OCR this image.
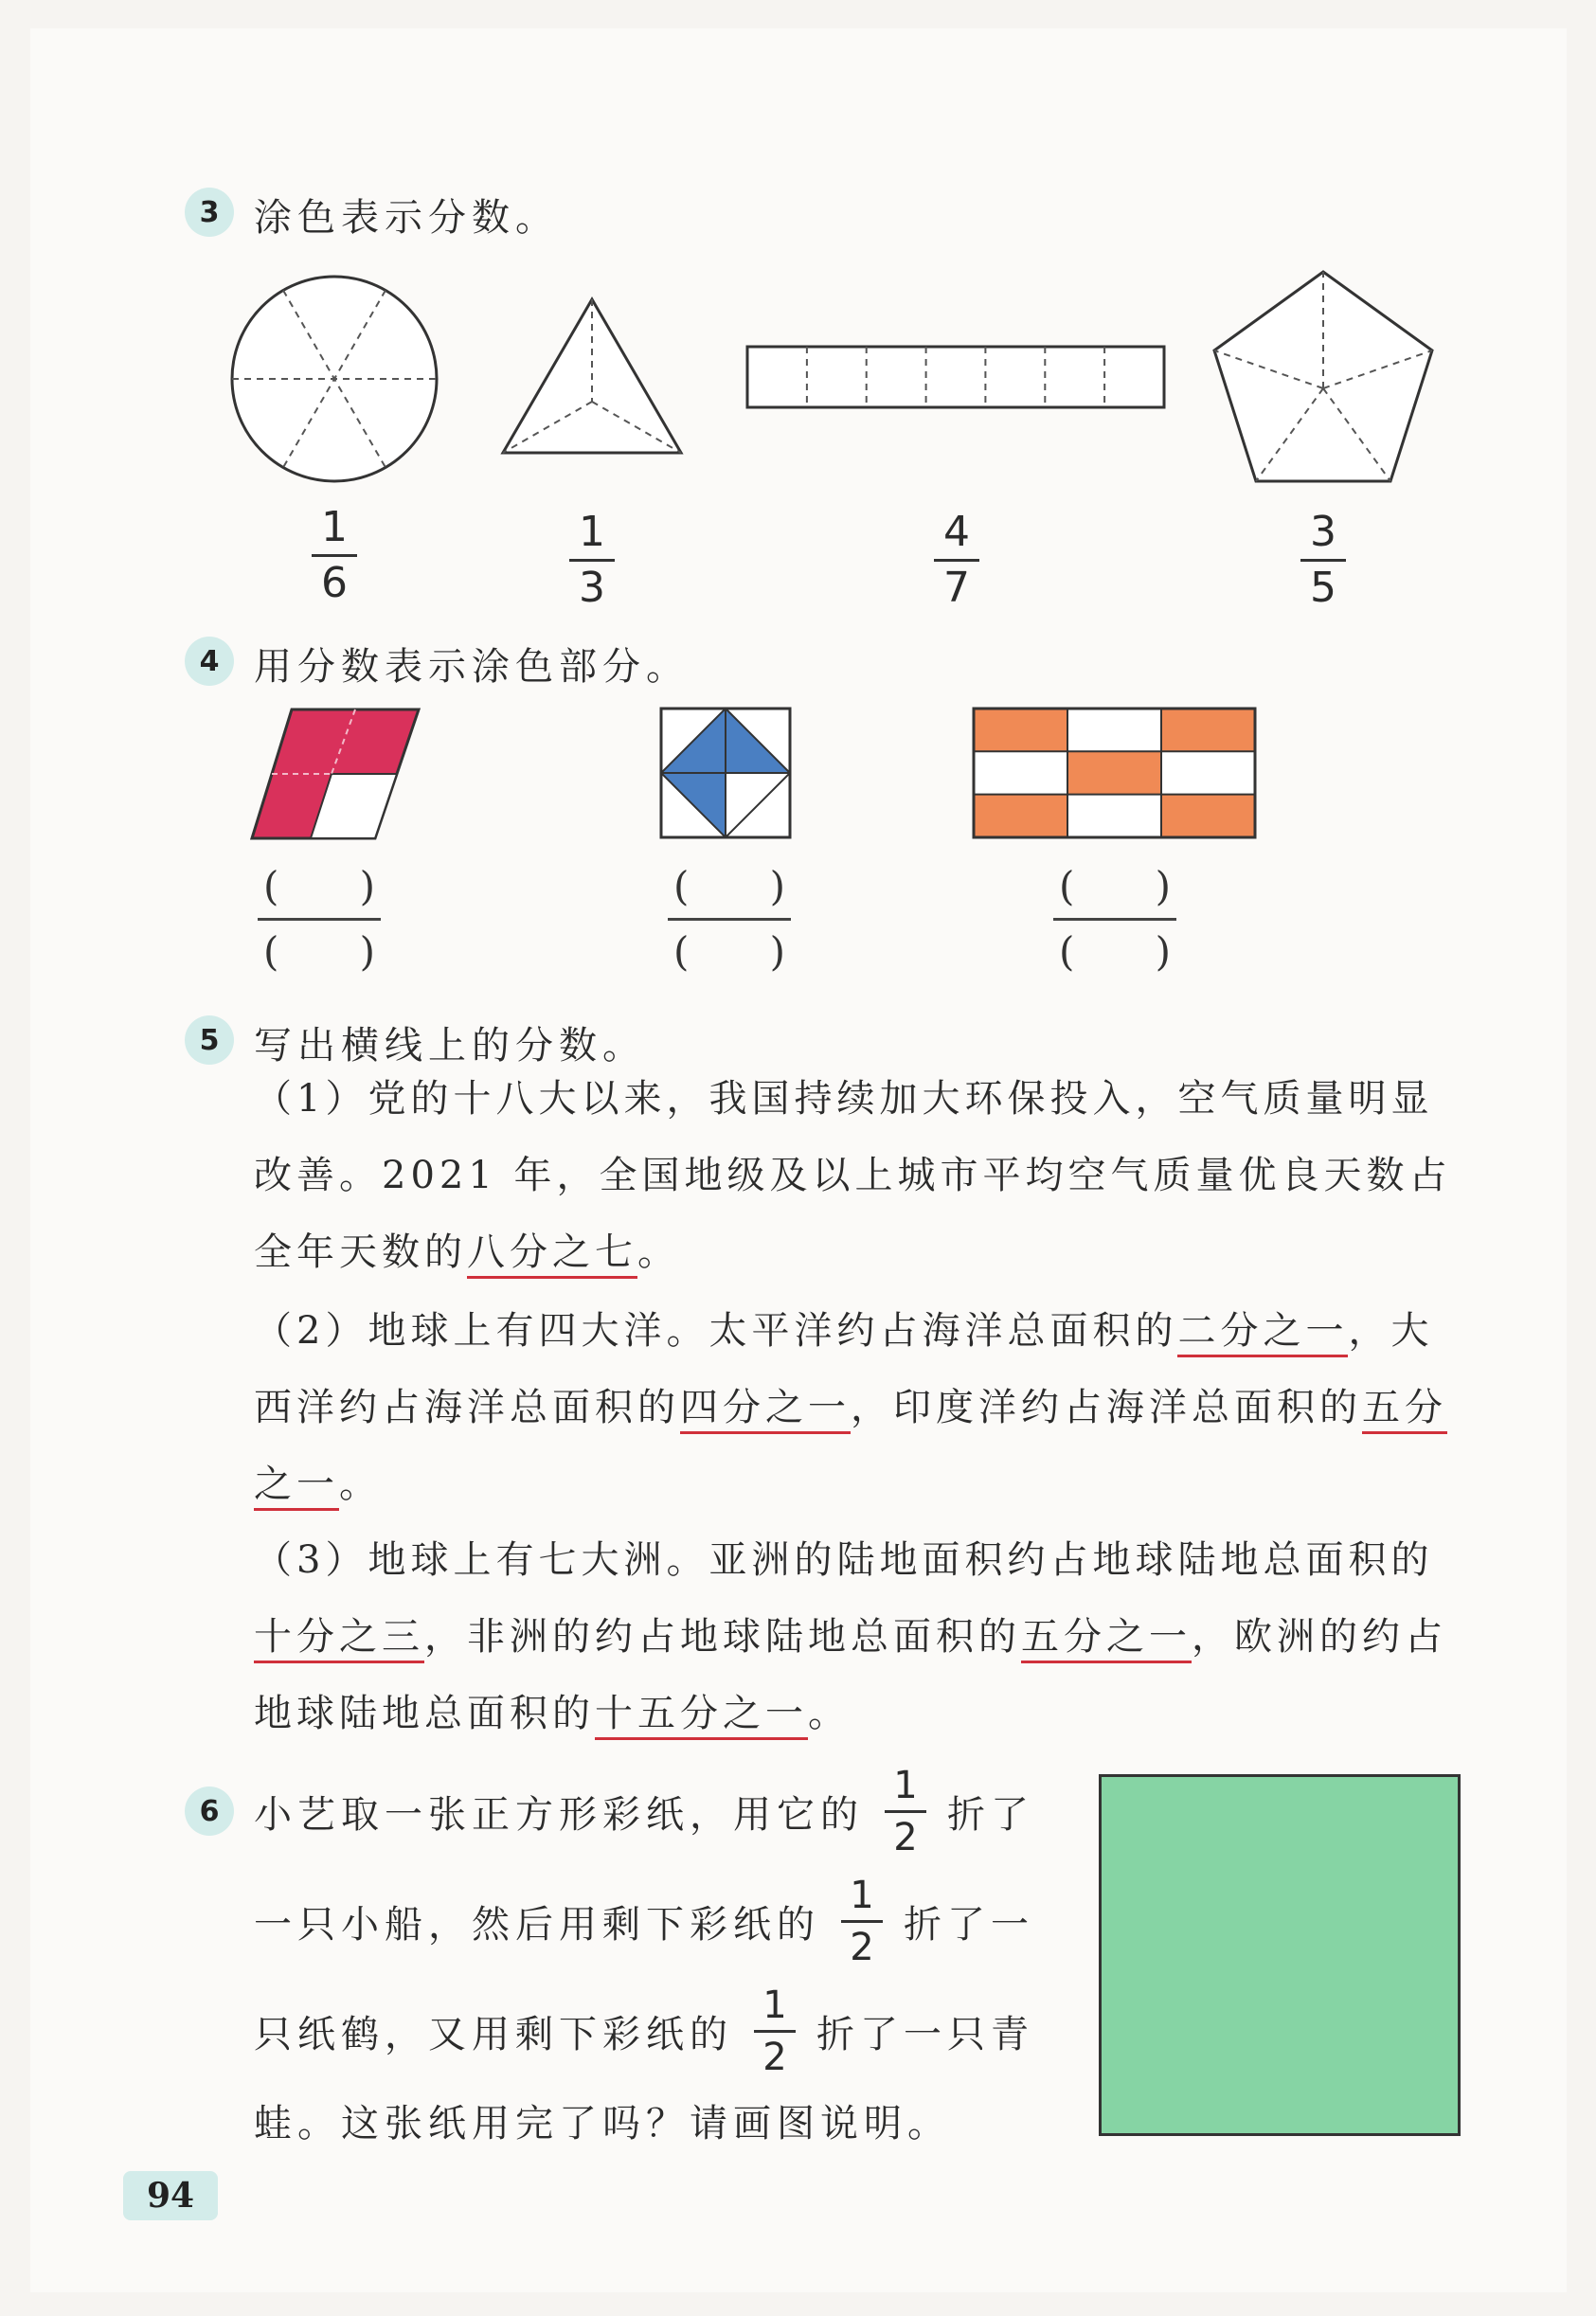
3 涂色表示分数。
1
6
1
3
4
7
3
5
4 用分数表示涂色部分。
( )
( )
( )
( )
( )
( )
5 写出横线上的分数。
（1）党的十八大以来，我国持续加大环保投入，空气质量明显改善。2021 年，全国地级及以上城市平均空气质量优良天数占全年天数的八分之七。
（2）地球上有四大洋。太平洋约占海洋总面积的二分之一，大西洋约占海洋总面积的四分之一，印度洋约占海洋总面积的五分之一。
（3）地球上有七大洲。亚洲的陆地面积约占地球陆地总面积的十分之三，非洲的约占地球陆地总面积的五分之一，欧洲的约占地球陆地总面积的十五分之一。
6 小艺取一张正方形彩纸，用它的
1
2
折了
一只小船，然后用剩下彩纸的
1
2
折了一
只纸鹤，又用剩下彩纸的
1
2
折了一只青
蛙。这张纸用完了吗？请画图说明。
94
